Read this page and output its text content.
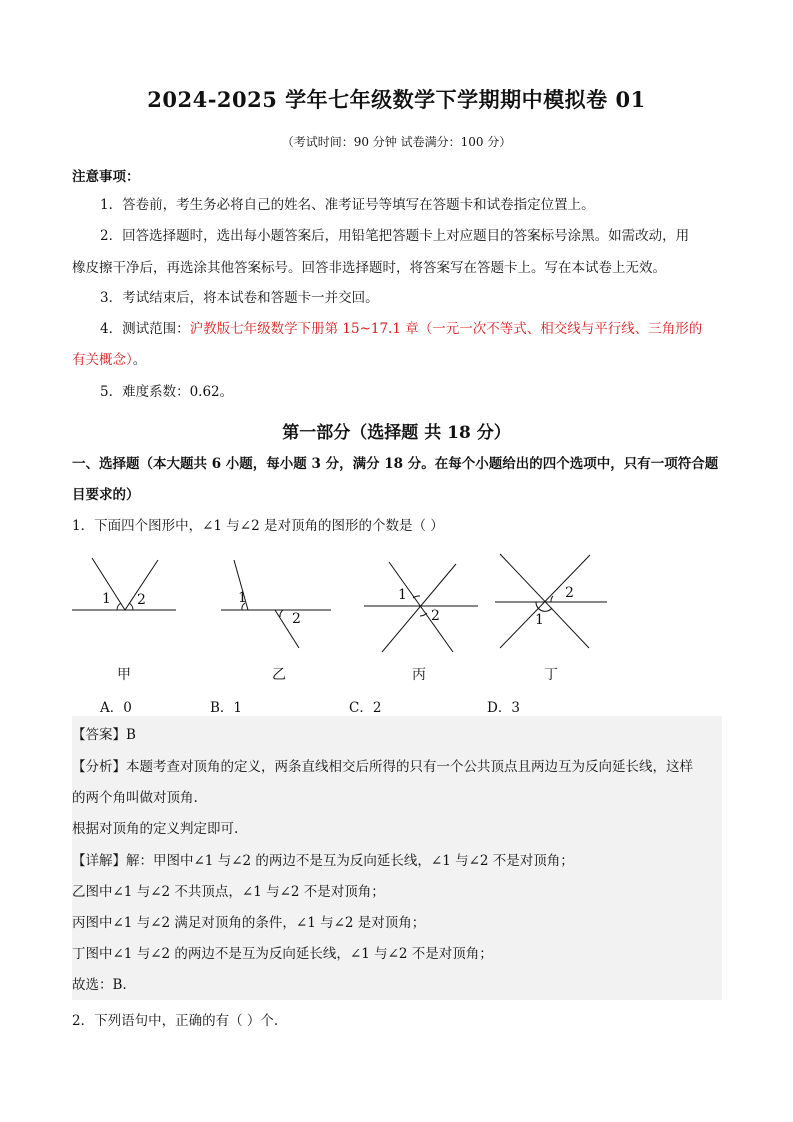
2024-2025 学年七年级数学下学期期中模拟卷 01
（考试时间：90 分钟 试卷满分：100 分）
注意事项：
1．答卷前，考生务必将自己的姓名、准考证号等填写在答题卡和试卷指定位置上。
2．回答选择题时，选出每小题答案后，用铅笔把答题卡上对应题目的答案标号涂黑。如需改动，用
橡皮擦干净后，再选涂其他答案标号。回答非选择题时，将答案写在答题卡上。写在本试卷上无效。
3．考试结束后，将本试卷和答题卡一并交回。
4．测试范围：沪教版七年级数学下册第 15~17.1 章（一元一次不等式、相交线与平行线、三角形的
有关概念）。
5．难度系数：0.62。
第一部分（选择题 共 18 分）
一、选择题（本大题共 6 小题，每小题 3 分，满分 18 分。在每个小题给出的四个选项中，只有一项符合题
目要求的）
1．下面四个图形中，∠1 与∠2 是对顶角的图形的个数是（ ）
1 2	1
2
1
2
2
1
甲	乙	丙	丁
A．0	B．1	C．2	D．3
【答案】B
【分析】本题考查对顶角的定义，两条直线相交后所得的只有一个公共顶点且两边互为反向延长线，这样
的两个角叫做对顶角.
根据对顶角的定义判定即可.
【详解】解：甲图中∠1 与∠2 的两边不是互为反向延长线，∠1 与∠2 不是对顶角；
乙图中∠1 与∠2 不共顶点，∠1 与∠2 不是对顶角；
丙图中∠1 与∠2 满足对顶角的条件，∠1 与∠2 是对顶角；
丁图中∠1 与∠2 的两边不是互为反向延长线，∠1 与∠2 不是对顶角；
故选：B.
2．下列语句中，正确的有（ ）个.
